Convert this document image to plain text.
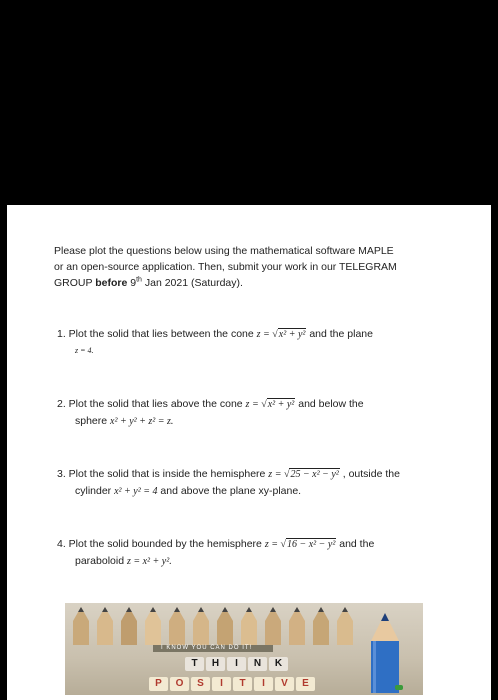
Please plot the questions below using the mathematical software MAPLE
or an open-source application. Then, submit your work in our TELEGRAM
GROUP before 9th Jan 2021 (Saturday).
1. Plot the solid that lies between the cone z = √x² + y² and the plane
z = 4.
2. Plot the solid that lies above the cone z = √x² + y² and below the
sphere x² + y² + z² = z.
3. Plot the solid that is inside the hemisphere z = √25 − x² − y² , outside the
cylinder x² + y² = 4 and above the plane xy-plane.
4. Plot the solid bounded by the hemisphere z = √16 − x² − y² and the
paraboloid z = x² + y².
I KNOW YOU CAN DO IT!
T	H	I	N	K
P	O	S	I	T	I	V	E
